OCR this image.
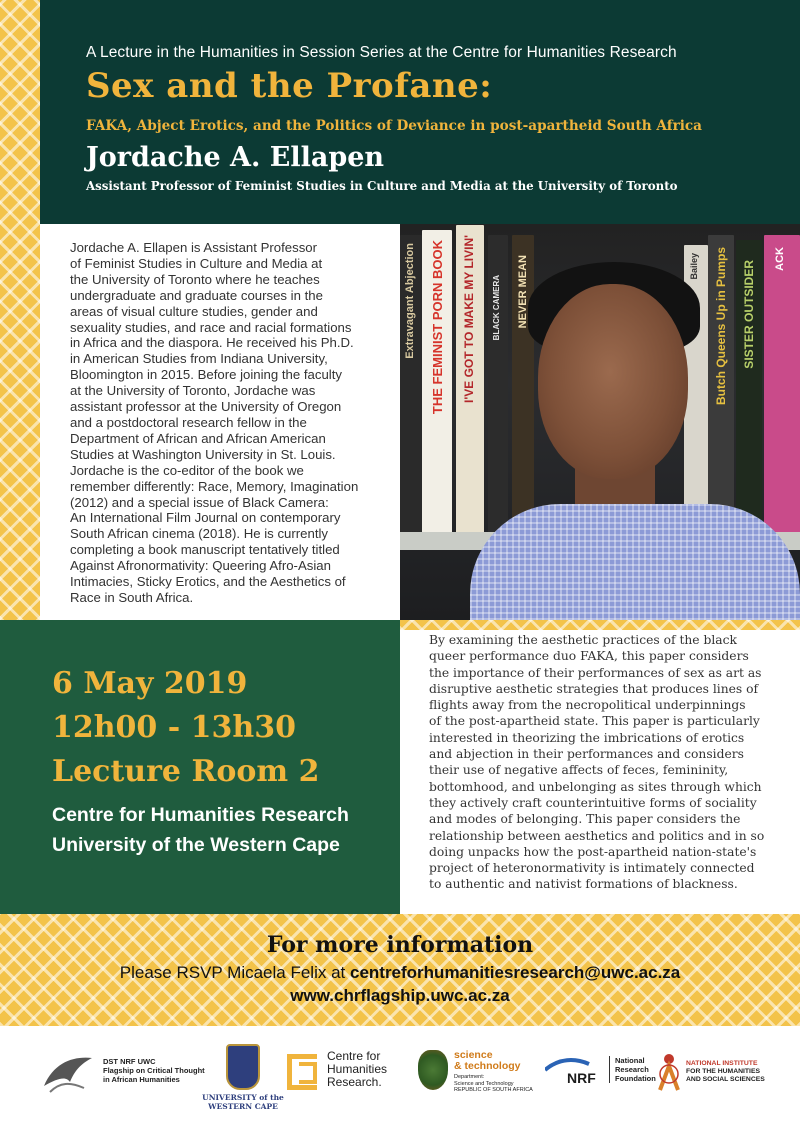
A Lecture in the Humanities in Session Series at the Centre for Humanities Research
Sex and the Profane:
FAKA, Abject Erotics, and the Politics of Deviance in post-apartheid South Africa
Jordache A. Ellapen
Assistant Professor of Feminist Studies in Culture and Media at the University of Toronto
Jordache A. Ellapen is Assistant Professor
of Feminist Studies in Culture and Media at
the University of Toronto where he teaches
undergraduate and graduate courses in the
areas of visual culture studies, gender and
sexuality studies, and race and racial formations
in Africa and the diaspora. He received his Ph.D.
in American Studies from Indiana University,
Bloomington in 2015. Before joining the faculty
at the University of Toronto, Jordache was
assistant professor at the University of Oregon
and a postdoctoral research fellow in the
Department of African and African American
Studies at Washington University in St. Louis.
Jordache is the co-editor of the book we
remember differently: Race, Memory, Imagination
(2012) and a special issue of Black Camera:
An International Film Journal on contemporary
South African cinema (2018). He is currently
completing a book manuscript tentatively titled
Against Afronormativity: Queering Afro-Asian
Intimacies, Sticky Erotics, and the Aesthetics of
Race in South Africa.
Extravagant Abjection THE FEMINIST PORN BOOK I'VE GOT TO MAKE MY LIVIN' BLACK CAMERA NEVER MEAN	Bailey Butch Queens Up in Pumps SISTER OUTSIDER
ACK
6 May 2019
12h00 - 13h30
Lecture Room 2
Centre for Humanities Research
University of the Western Cape
By examining the aesthetic practices of the black
queer performance duo FAKA, this paper considers
the importance of their performances of sex as art as
disruptive aesthetic strategies that produces lines of
flights away from the necropolitical underpinnings
of the post-apartheid state. This paper is particularly
interested in theorizing the imbrications of erotics
and abjection in their performances and considers
their use of negative affects of feces, femininity,
bottomhood, and unbelonging as sites through which
they actively craft counterintuitive forms of sociality
and modes of belonging. This paper considers the
relationship between aesthetics and politics and in so
doing unpacks how the post-apartheid nation-state's
project of heteronormativity is intimately connected
to authentic and nativist formations of blackness.
For more information
Please RSVP Micaela Felix at centreforhumanitiesresearch@uwc.ac.za
www.chrflagship.uwc.ac.za
DST NRF UWC
Flagship on Critical Thought
in African Humanities
UNIVERSITY of the
WESTERN CAPE
Centre for
Humanities
Research.
science
& technology
Department:
Science and Technology
REPUBLIC OF SOUTH AFRICA
NRF
National
Research
Foundation
NATIONAL INSTITUTE
FOR THE HUMANITIES
AND SOCIAL SCIENCES
